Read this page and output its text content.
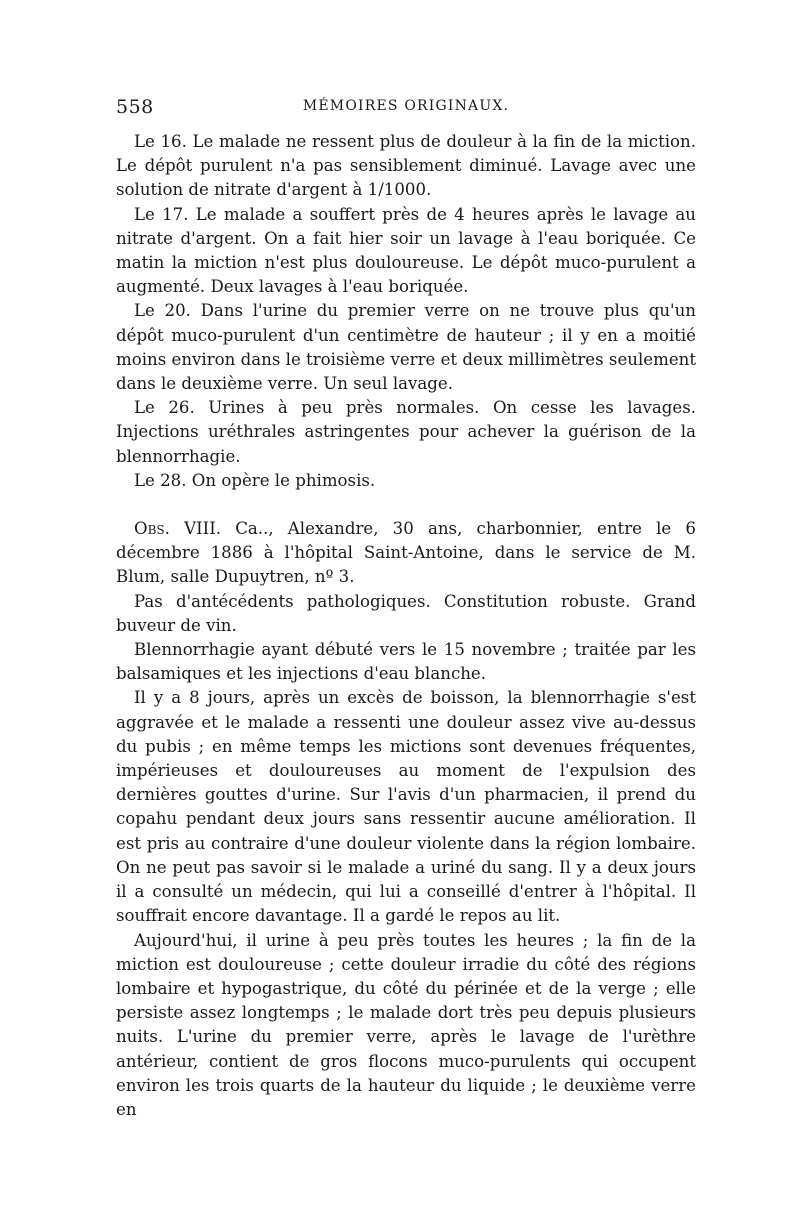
558	MÉMOIRES ORIGINAUX.

Le 16. Le malade ne ressent plus de douleur à la fin de la miction. Le dépôt purulent n'a pas sensiblement diminué. Lavage avec une solution de nitrate d'argent à 1/1000.

Le 17. Le malade a souffert près de 4 heures après le lavage au nitrate d'argent. On a fait hier soir un lavage à l'eau boriquée. Ce matin la miction n'est plus douloureuse. Le dépôt muco-purulent a augmenté. Deux lavages à l'eau boriquée.

Le 20. Dans l'urine du premier verre on ne trouve plus qu'un dépôt muco-purulent d'un centimètre de hauteur ; il y en a moitié moins environ dans le troisième verre et deux millimètres seulement dans le deuxième verre. Un seul lavage.

Le 26. Urines à peu près normales. On cesse les lavages. Injections uréthrales astringentes pour achever la guérison de la blennorrhagie.

Le 28. On opère le phimosis.

Obs. VIII. Ca.., Alexandre, 30 ans, charbonnier, entre le 6 décembre 1886 à l'hôpital Saint-Antoine, dans le service de M. Blum, salle Dupuytren, nº 3.

Pas d'antécédents pathologiques. Constitution robuste. Grand buveur de vin.

Blennorrhagie ayant débuté vers le 15 novembre ; traitée par les balsamiques et les injections d'eau blanche.

Il y a 8 jours, après un excès de boisson, la blennorrhagie s'est aggravée et le malade a ressenti une douleur assez vive au-dessus du pubis ; en même temps les mictions sont devenues fréquentes, impérieuses et douloureuses au moment de l'expulsion des dernières gouttes d'urine. Sur l'avis d'un pharmacien, il prend du copahu pendant deux jours sans ressentir aucune amélioration. Il est pris au contraire d'une douleur violente dans la région lombaire. On ne peut pas savoir si le malade a uriné du sang. Il y a deux jours il a consulté un médecin, qui lui a conseillé d'entrer à l'hôpital. Il souffrait encore davantage. Il a gardé le repos au lit.

Aujourd'hui, il urine à peu près toutes les heures ; la fin de la miction est douloureuse ; cette douleur irradie du côté des régions lombaire et hypogastrique, du côté du périnée et de la verge ; elle persiste assez longtemps ; le malade dort très peu depuis plusieurs nuits. L'urine du premier verre, après le lavage de l'urèthre antérieur, contient de gros flocons muco-purulents qui occupent environ les trois quarts de la hauteur du liquide ; le deuxième verre en
